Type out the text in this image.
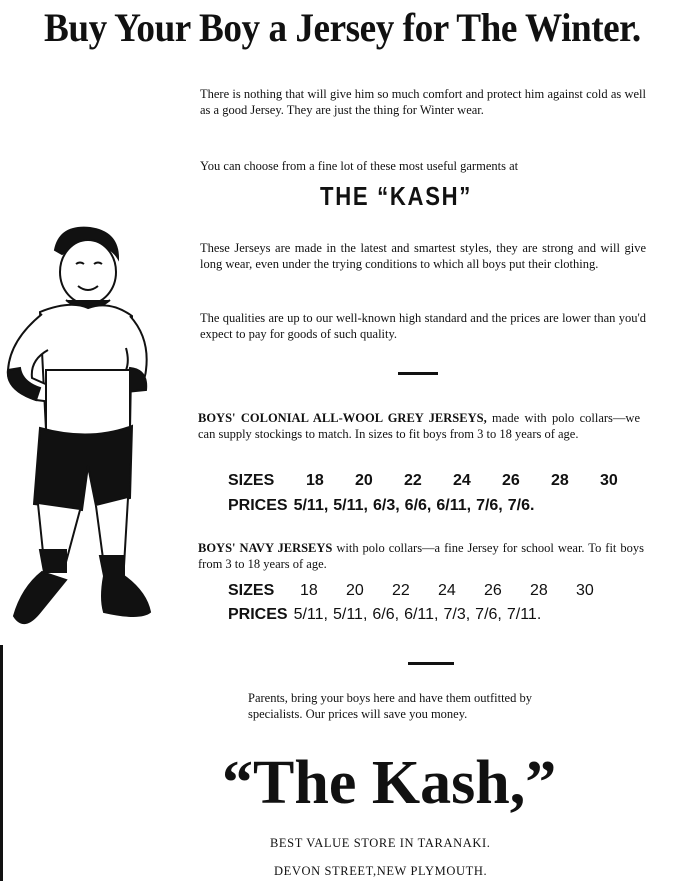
Buy Your Boy a Jersey for The Winter.
There is nothing that will give him so much comfort and protect him against cold as well as a good Jersey. They are just the thing for Winter wear.
You can choose from a fine lot of these most useful garments at
THE “KASH”
These Jerseys are made in the latest and smartest styles, they are strong and will give long wear, even under the trying conditions to which all boys put their clothing.
The qualities are up to our well-known high standard and the prices are lower than you'd expect to pay for goods of such quality.
BOYS' COLONIAL ALL-WOOL GREY JERSEYS, made with polo collars—we can supply stockings to match. In sizes to fit boys from 3 to 18 years of age.
SIZES 18 20 22 24 26 28 30
PRICES 5/11, 5/11, 6/3, 6/6, 6/11, 7/6, 7/6.
BOYS' NAVY JERSEYS with polo collars—a fine Jersey for school wear. To fit boys from 3 to 18 years of age.
SIZES 18 20 22 24 26 28 30
PRICES 5/11, 5/11, 6/6, 6/11, 7/3, 7/6, 7/11.
Parents, bring your boys here and have them outfitted by specialists. Our prices will save you money.
“The Kash,”
BEST VALUE STORE IN TARANAKI.
DEVON STREET,NEW PLYMOUTH.
